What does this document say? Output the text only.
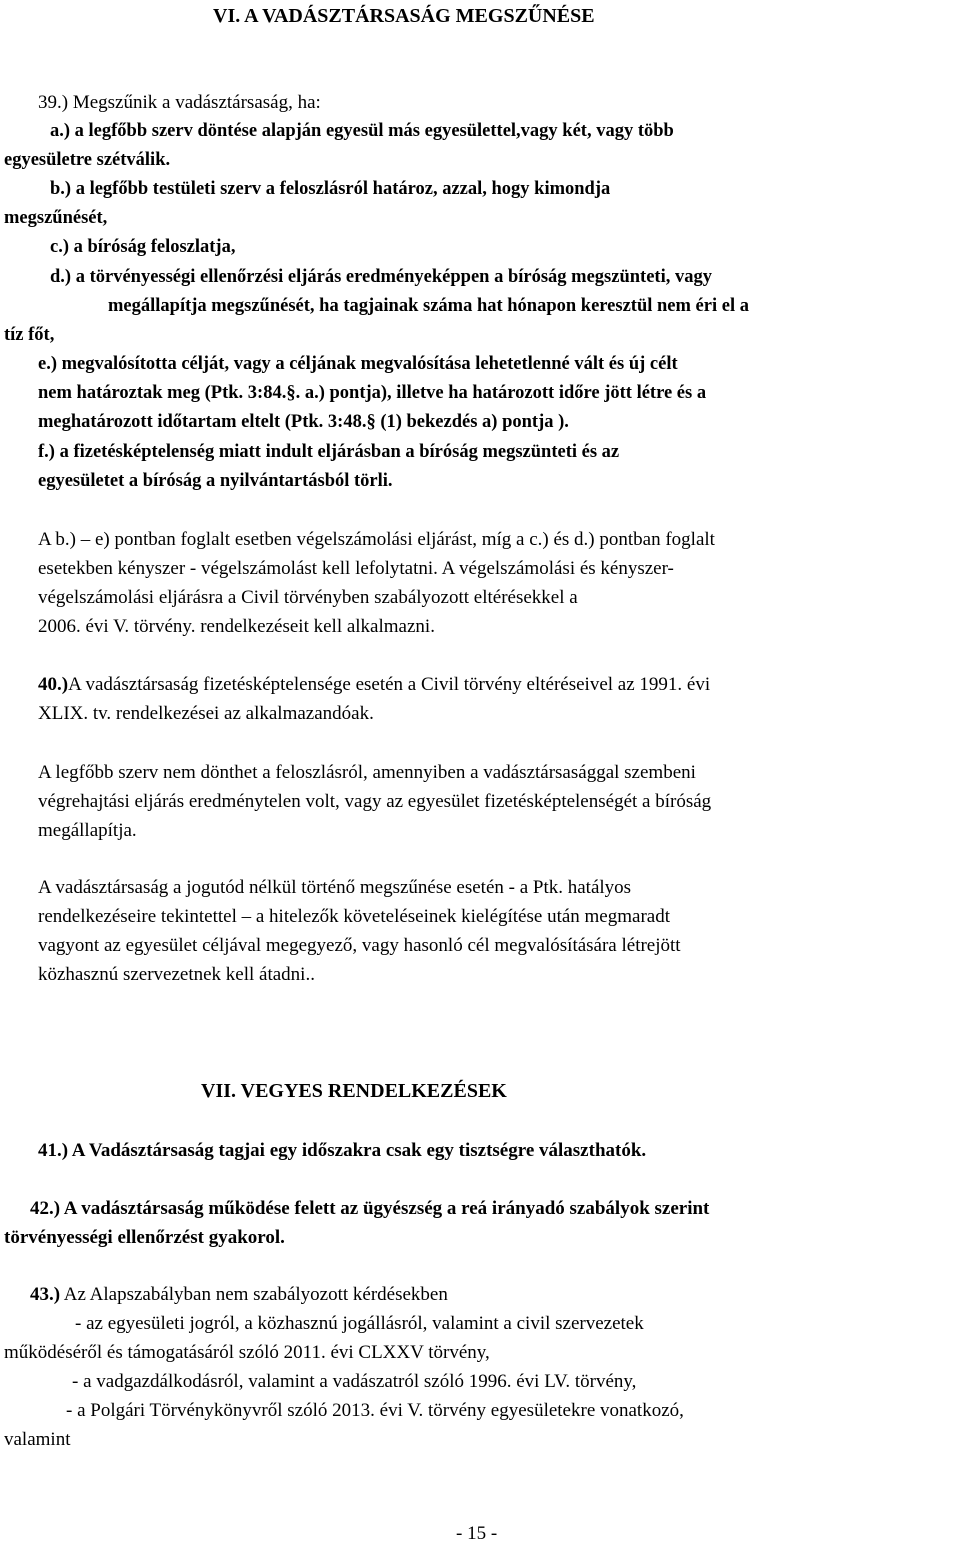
VI. A VADÁSZTÁRSASÁG MEGSZŰNÉSE
39.) Megszűnik a vadásztársaság, ha:
a.) a legfőbb szerv döntése alapján egyesül más egyesülettel,vagy két, vagy több
egyesületre szétválik.
b.) a legfőbb testületi szerv a feloszlásról határoz, azzal, hogy kimondja
megszűnését,
c.) a bíróság feloszlatja,
d.) a törvényességi ellenőrzési eljárás eredményeképpen a bíróság megszünteti, vagy
megállapítja megszűnését, ha tagjainak száma hat hónapon keresztül nem éri el a
tíz főt,
e.) megvalósította célját, vagy a céljának megvalósítása lehetetlenné vált és új célt
nem határoztak meg (Ptk. 3:84.§. a.) pontja), illetve ha határozott időre jött létre és a
meghatározott időtartam eltelt (Ptk. 3:48.§ (1) bekezdés a) pontja ).
f.) a fizetésképtelenség miatt indult eljárásban a bíróság megszünteti és az
egyesületet a bíróság a nyilvántartásból törli.
A b.) – e) pontban foglalt esetben végelszámolási eljárást, míg a c.) és d.) pontban foglalt
esetekben kényszer - végelszámolást kell lefolytatni. A végelszámolási és kényszer-
végelszámolási eljárásra a Civil törvényben szabályozott eltérésekkel a
2006. évi V. törvény. rendelkezéseit kell alkalmazni.
40.)A vadásztársaság fizetésképtelensége esetén a Civil törvény eltéréseivel az 1991. évi
XLIX. tv. rendelkezései az alkalmazandóak.
A legfőbb szerv nem dönthet a feloszlásról, amennyiben a vadásztársasággal szembeni
végrehajtási eljárás eredménytelen volt, vagy az egyesület fizetésképtelenségét a bíróság
megállapítja.
A vadásztársaság a jogutód nélkül történő megszűnése esetén - a Ptk. hatályos
rendelkezéseire tekintettel – a hitelezők követeléseinek kielégítése után megmaradt
vagyont az egyesület céljával megegyező, vagy hasonló cél megvalósítására létrejött
közhasznú szervezetnek kell átadni..
VII. VEGYES RENDELKEZÉSEK
41.) A Vadásztársaság tagjai egy időszakra csak egy tisztségre választhatók.
42.) A vadásztársaság működése felett az ügyészség a reá irányadó szabályok szerint
törvényességi ellenőrzést gyakorol.
43.) Az Alapszabályban nem szabályozott kérdésekben
- az egyesületi jogról, a közhasznú jogállásról, valamint a civil szervezetek
működéséről és támogatásáról szóló 2011. évi CLXXV törvény,
- a vadgazdálkodásról, valamint a vadászatról szóló 1996. évi LV. törvény,
- a Polgári Törvénykönyvről szóló 2013. évi V. törvény egyesületekre vonatkozó,
valamint
- 15 -
